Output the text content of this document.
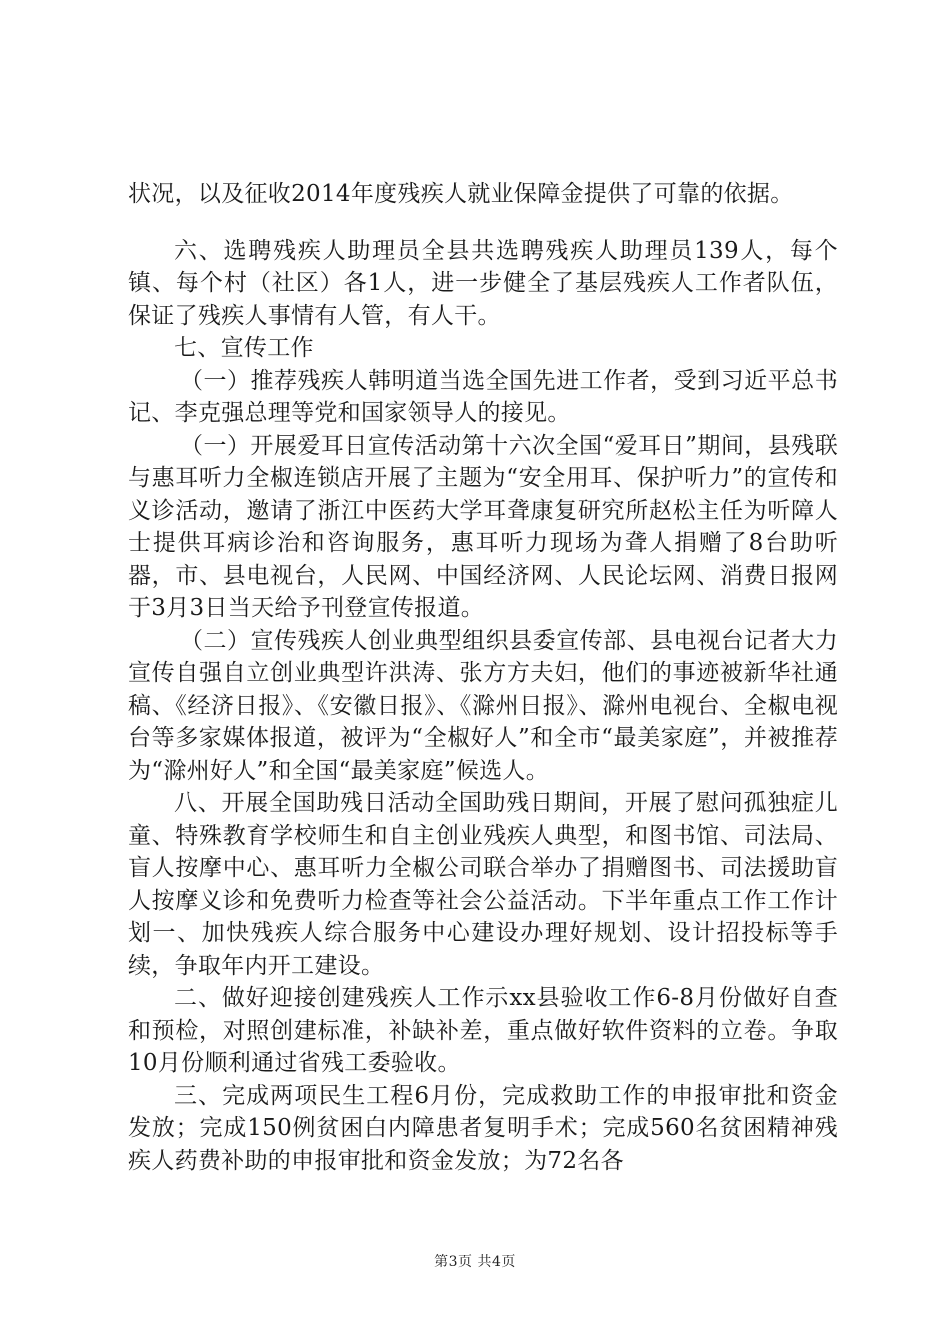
状况，以及征收2014年度残疾人就业保障金提供了可靠的依据。

六、选聘残疾人助理员全县共选聘残疾人助理员139人，每个镇、每个村（社区）各1人，进一步健全了基层残疾人工作者队伍，保证了残疾人事情有人管，有人干。

七、宣传工作

（一）推荐残疾人韩明道当选全国先进工作者，受到习近平总书记、李克强总理等党和国家领导人的接见。

（一）开展爱耳日宣传活动第十六次全国“爱耳日”期间，县残联与惠耳听力全椒连锁店开展了主题为“安全用耳、保护听力”的宣传和义诊活动，邀请了浙江中医药大学耳聋康复研究所赵松主任为听障人士提供耳病诊治和咨询服务，惠耳听力现场为聋人捐赠了8台助听器，市、县电视台，人民网、中国经济网、人民论坛网、消费日报网于3月3日当天给予刊登宣传报道。

（二）宣传残疾人创业典型组织县委宣传部、县电视台记者大力宣传自强自立创业典型许洪涛、张方方夫妇，他们的事迹被新华社通稿、《经济日报》、《安徽日报》、《滁州日报》、滁州电视台、全椒电视台等多家媒体报道，被评为“全椒好人”和全市“最美家庭”，并被推荐为“滁州好人”和全国“最美家庭”候选人。

八、开展全国助残日活动全国助残日期间，开展了慰问孤独症儿童、特殊教育学校师生和自主创业残疾人典型，和图书馆、司法局、盲人按摩中心、惠耳听力全椒公司联合举办了捐赠图书、司法援助盲人按摩义诊和免费听力检查等社会公益活动。下半年重点工作工作计划一、加快残疾人综合服务中心建设办理好规划、设计招投标等手续，争取年内开工建设。

二、做好迎接创建残疾人工作示xx县验收工作6-8月份做好自查和预检，对照创建标准，补缺补差，重点做好软件资料的立卷。争取10月份顺利通过省残工委验收。

三、完成两项民生工程6月份，完成救助工作的申报审批和资金发放；完成150例贫困白内障患者复明手术；完成560名贫困精神残疾人药费补助的申报审批和资金发放；为72名各

第3页 共4页
